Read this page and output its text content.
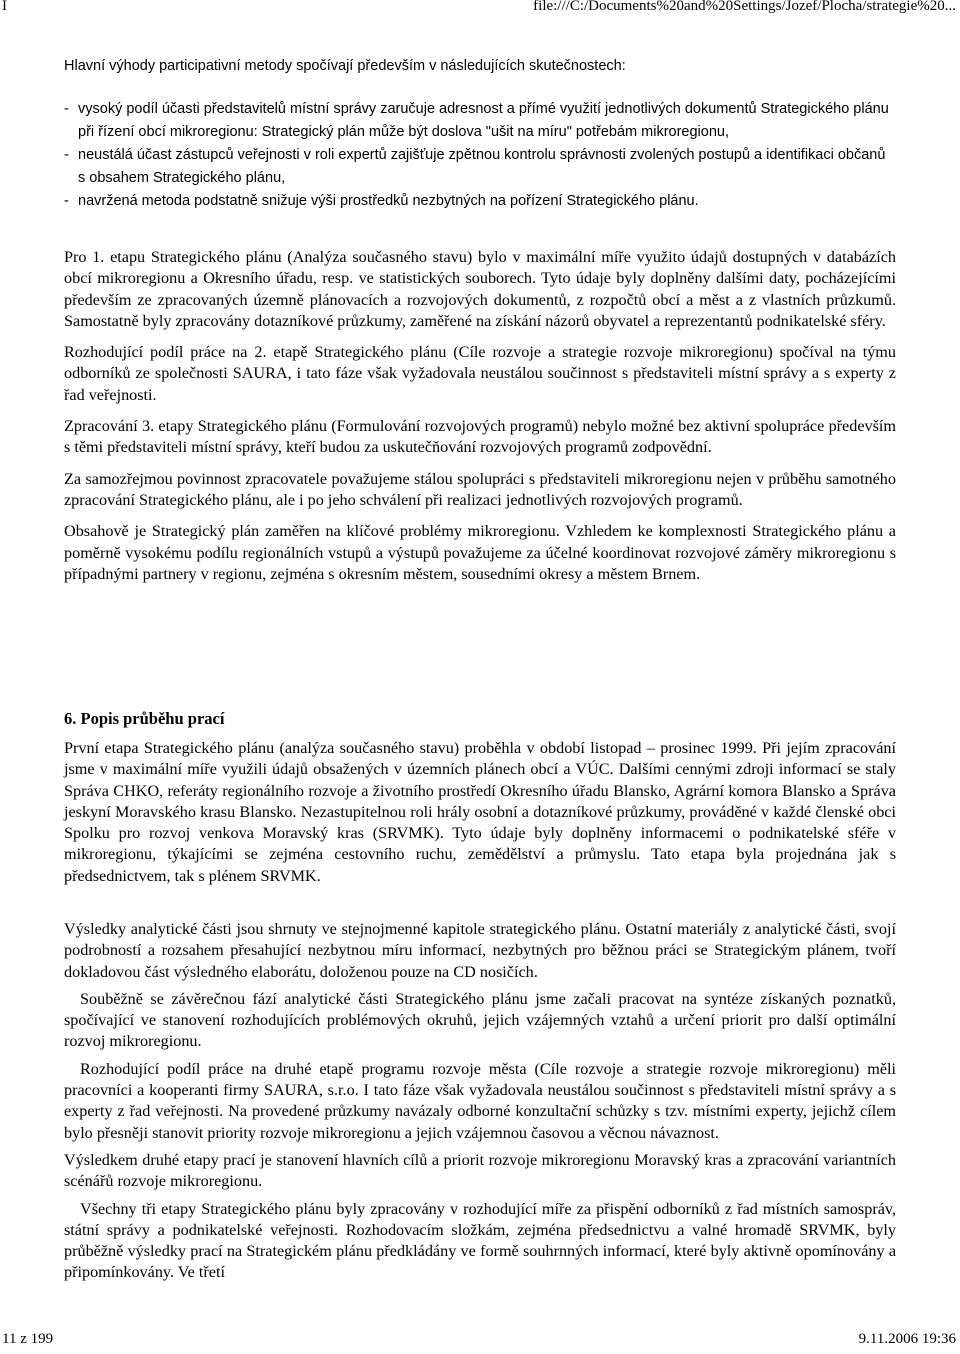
I	file:///C:/Documents%20and%20Settings/Jozef/Plocha/strategie%20...
Hlavní výhody participativní metody spočívají především v následujících skutečnostech:
- vysoký podíl účasti představitelů místní správy zaručuje adresnost a přímé využití jednotlivých dokumentů Strategického plánu při řízení obcí mikroregionu: Strategický plán může být doslova "ušit na míru" potřebám mikroregionu,
- neustálá účast zástupců veřejnosti v roli expertů zajišťuje zpětnou kontrolu správnosti zvolených postupů a identifikaci občanů s obsahem Strategického plánu,
- navržená metoda podstatně snižuje výši prostředků nezbytných na pořízení Strategického plánu.

Pro 1. etapu Strategického plánu (Analýza současného stavu) bylo v maximální míře využito údajů dostupných v databázích obcí mikroregionu a Okresního úřadu, resp. ve statistických souborech. Tyto údaje byly doplněny dalšími daty, pocházejícími především ze zpracovaných územně plánovacích a rozvojových dokumentů, z rozpočtů obcí a měst a z vlastních průzkumů. Samostatně byly zpracovány dotazníkové průzkumy, zaměřené na získání názorů obyvatel a reprezentantů podnikatelské sféry.

Rozhodující podíl práce na 2. etapě Strategického plánu (Cíle rozvoje a strategie rozvoje mikroregionu) spočíval na týmu odborníků ze společnosti SAURA, i tato fáze však vyžadovala neustálou součinnost s představiteli místní správy a s experty z řad veřejnosti.

Zpracování 3. etapy Strategického plánu (Formulování rozvojových programů) nebylo možné bez aktivní spolupráce především s těmi představiteli místní správy, kteří budou za uskutečňování rozvojových programů zodpovědní.

Za samozřejmou povinnost zpracovatele považujeme stálou spolupráci s představiteli mikroregionu nejen v průběhu samotného zpracování Strategického plánu, ale i po jeho schválení při realizaci jednotlivých rozvojových programů.

Obsahově je Strategický plán zaměřen na klíčové problémy mikroregionu. Vzhledem ke komplexnosti Strategického plánu a poměrně vysokému podílu regionálních vstupů a výstupů považujeme za účelné koordinovat rozvojové záměry mikroregionu s případnými partnery v regionu, zejména s okresním městem, sousedními okresy a městem Brnem.

6. Popis průběhu prací
První etapa Strategického plánu (analýza současného stavu) proběhla v období listopad – prosinec 1999. Při jejím zpracování jsme v maximální míře využili údajů obsažených v územních plánech obcí a VÚC. Dalšími cennými zdroji informací se staly Správa CHKO, referáty regionálního rozvoje a životního prostředí Okresního úřadu Blansko, Agrární komora Blansko a Správa jeskyní Moravského krasu Blansko. Nezastupitelnou roli hrály osobní a dotazníkové průzkumy, prováděné v každé členské obci Spolku pro rozvoj venkova Moravský kras (SRVMK). Tyto údaje byly doplněny informacemi o podnikatelské sféře v mikroregionu, týkajícími se zejména cestovního ruchu, zemědělství a průmyslu. Tato etapa byla projednána jak s předsednictvem, tak s plénem SRVMK.

Výsledky analytické části jsou shrnuty ve stejnojmenné kapitole strategického plánu. Ostatní materiály z analytické části, svojí podrobností a rozsahem přesahující nezbytnou míru informací, nezbytných pro běžnou práci se Strategickým plánem, tvoří dokladovou část výsledného elaborátu, doloženou pouze na CD nosičích.

Souběžně se závěrečnou fází analytické části Strategického plánu jsme začali pracovat na syntéze získaných poznatků, spočívající ve stanovení rozhodujících problémových okruhů, jejich vzájemných vztahů a určení priorit pro další optimální rozvoj mikroregionu.

Rozhodující podíl práce na druhé etapě programu rozvoje města (Cíle rozvoje a strategie rozvoje mikroregionu) měli pracovníci a kooperanti firmy SAURA, s.r.o. I tato fáze však vyžadovala neustálou součinnost s představiteli místní správy a s experty z řad veřejnosti. Na provedené průzkumy navázaly odborné konzultační schůzky s tzv. místními experty, jejichž cílem bylo přesněji stanovit priority rozvoje mikroregionu a jejich vzájemnou časovou a věcnou návaznost.

Výsledkem druhé etapy prací je stanovení hlavních cílů a priorit rozvoje mikroregionu Moravský kras a zpracování variantních scénářů rozvoje mikroregionu.

Všechny tři etapy Strategického plánu byly zpracovány v rozhodující míře za přispění odborníků z řad místních samospráv, státní správy a podnikatelské veřejnosti. Rozhodovacím složkám, zejména předsednictvu a valné hromadě SRVMK, byly průběžně výsledky prací na Strategickém plánu předkládány ve formě souhrnných informací, které byly aktivně opomínovány a připomínkovány. Ve třetí

11 z 199	9.11.2006 19:36
